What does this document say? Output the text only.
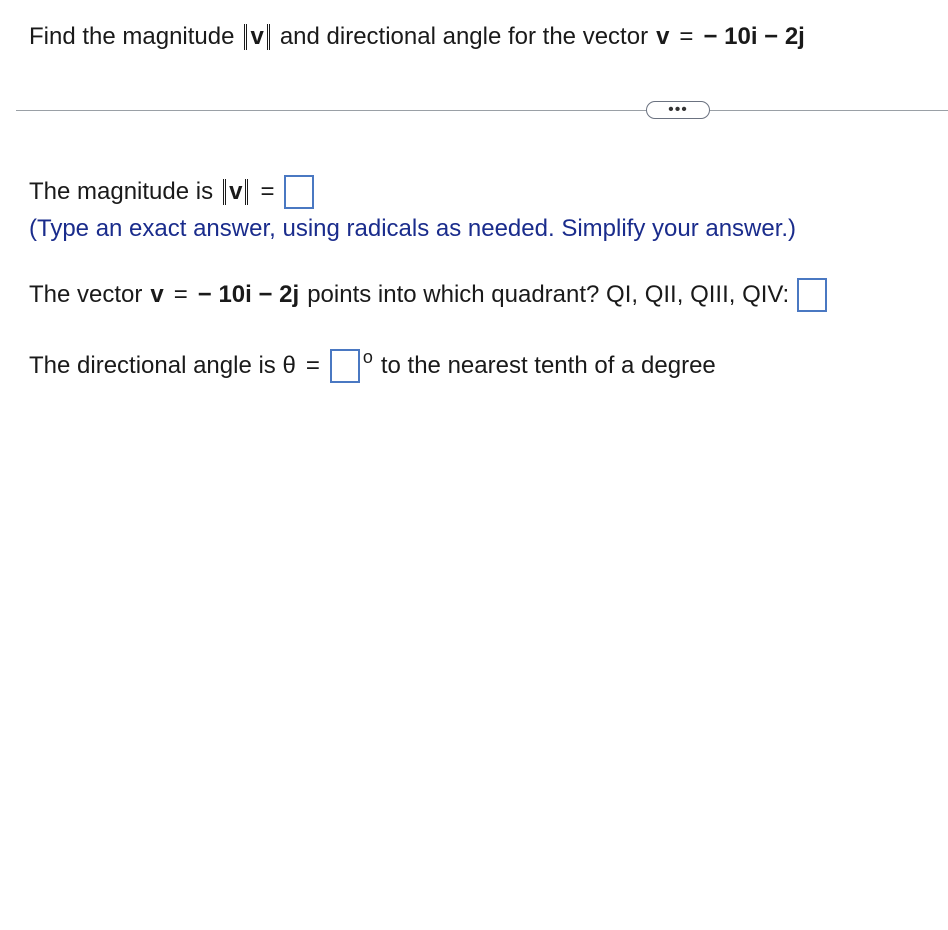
Find the magnitude v and directional angle for the vector v = − 10i − 2j
•••
The magnitude is v =
(Type an exact answer, using radicals as needed. Simplify your answer.)
The vector v = − 10i − 2j points into which quadrant? QI, QII, QIII, QIV:
The directional angle is θ = o to the nearest tenth of a degree
